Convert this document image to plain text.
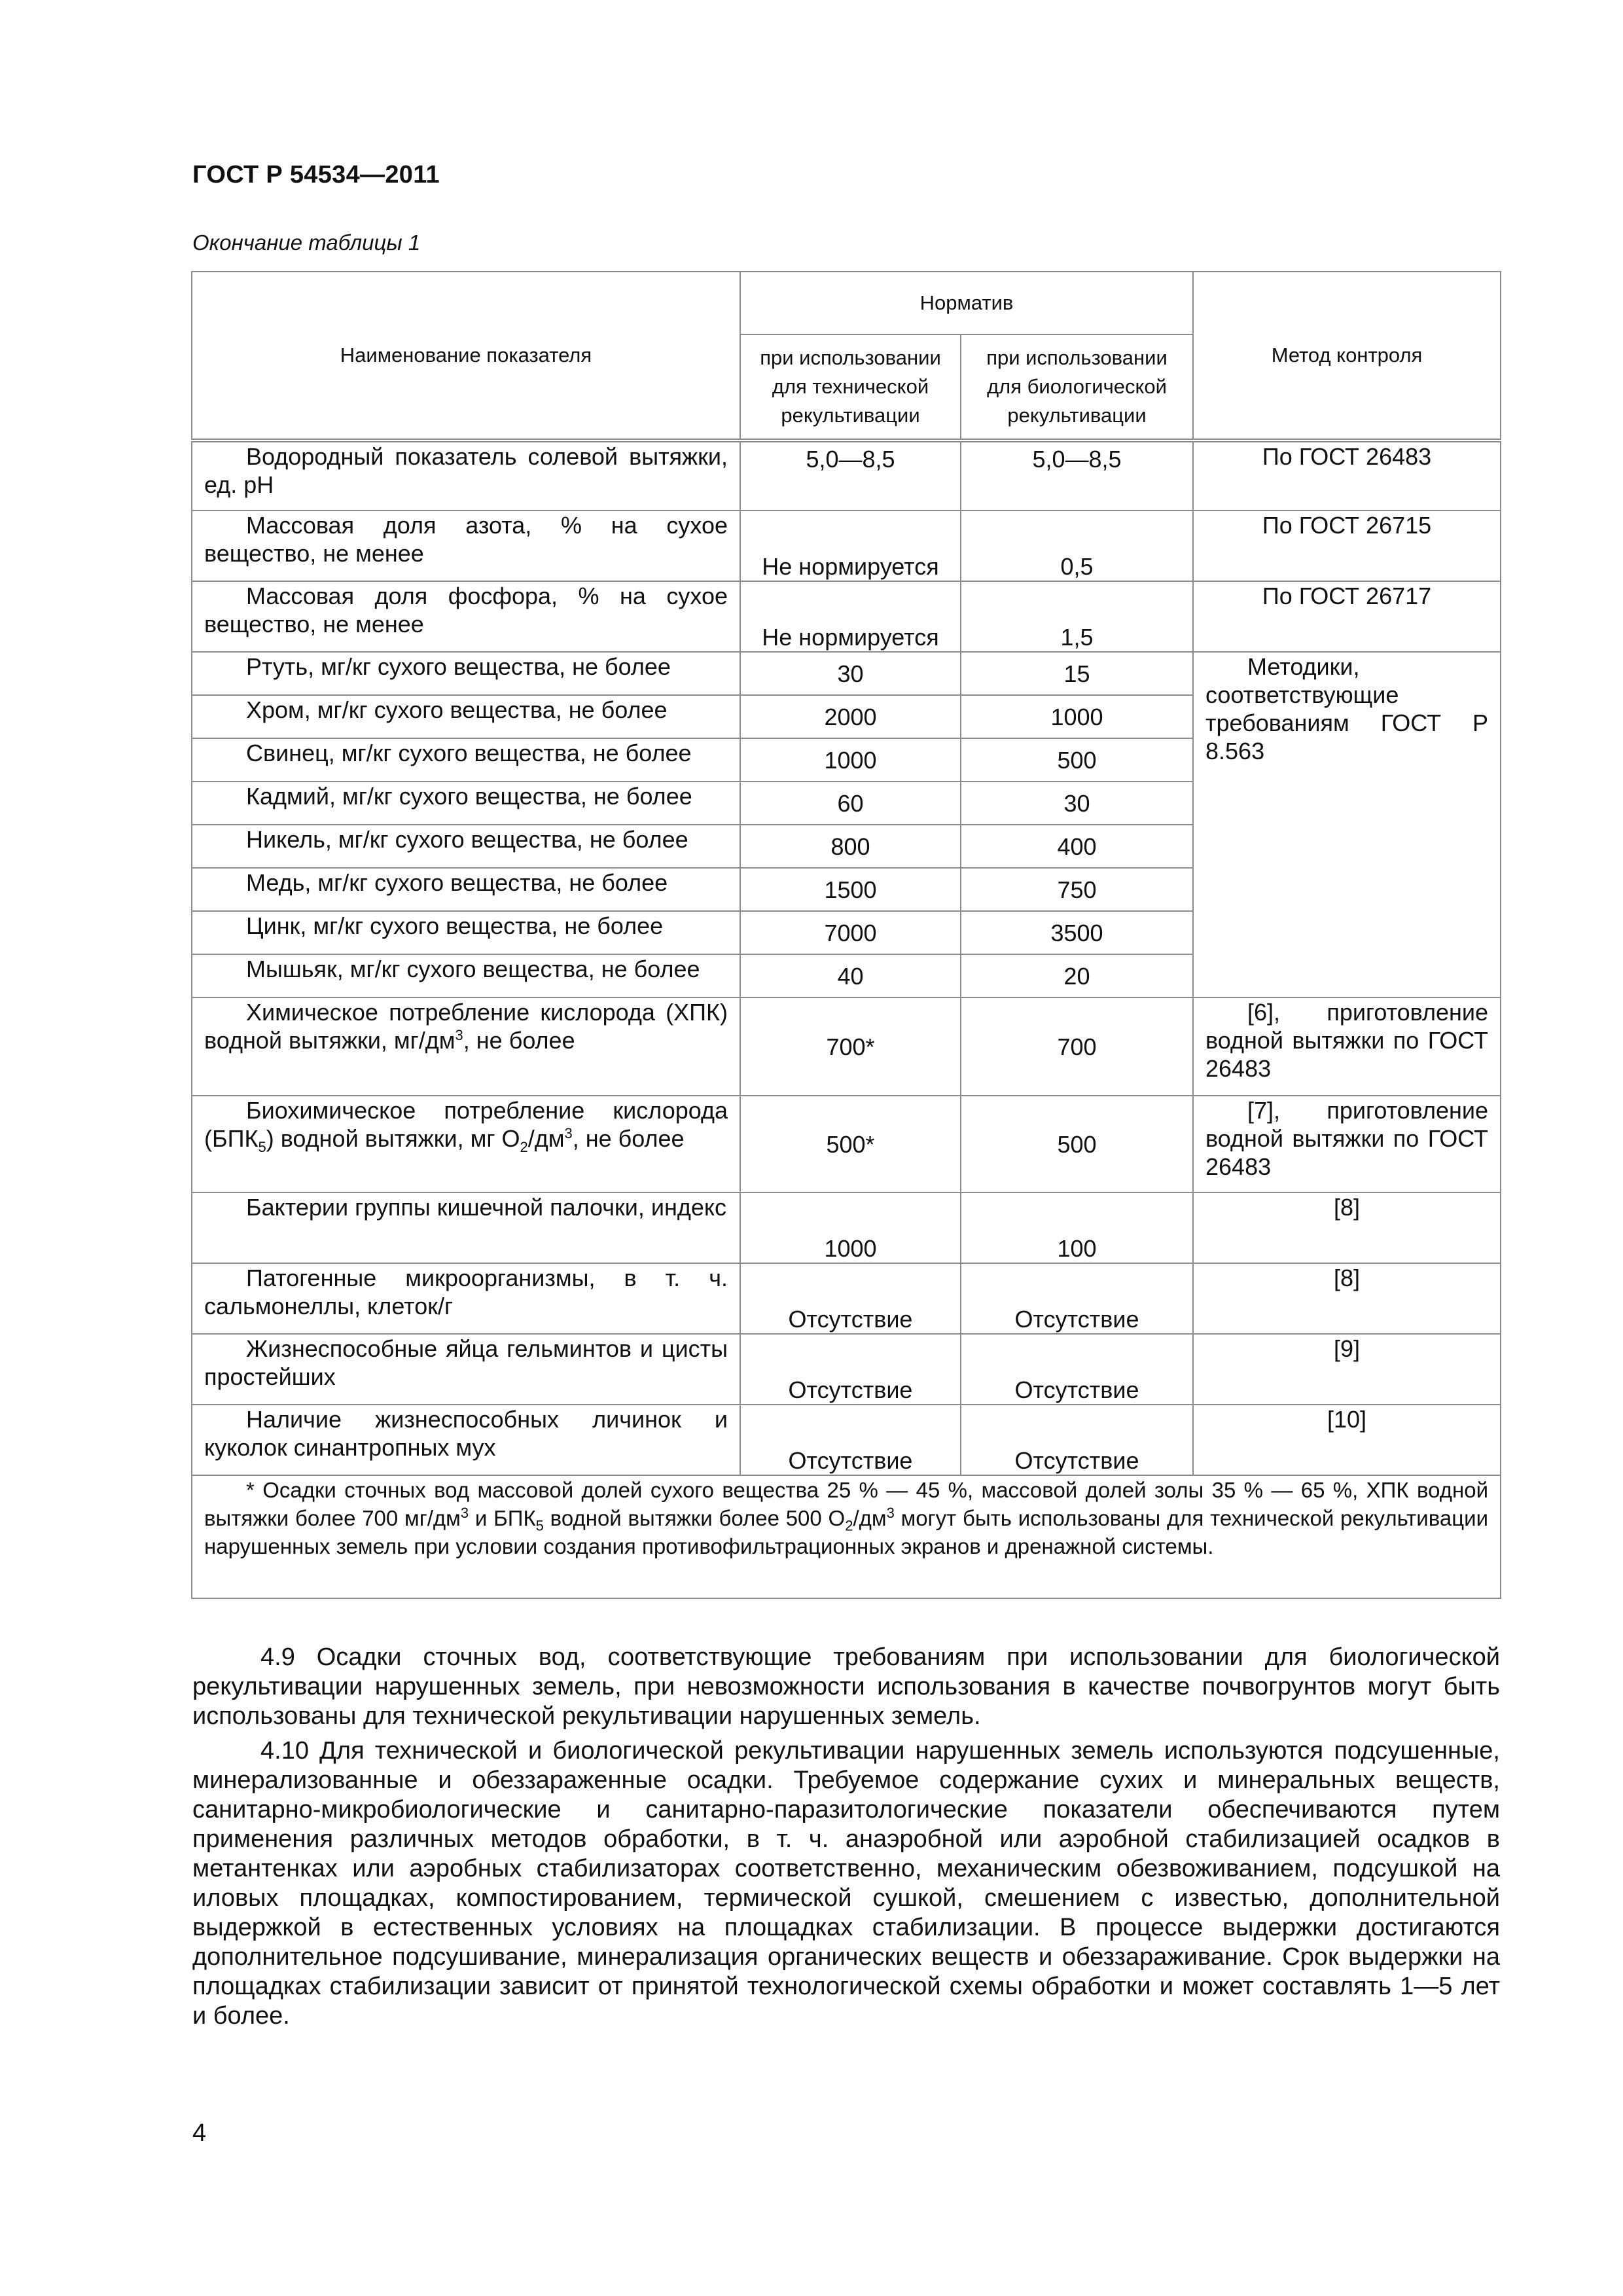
ГОСТ Р 54534—2011
Окончание таблицы 1
Наименование показателя	Норматив		Метод контроля
	при использовании для технической рекультивации	при использовании для биологической рекультивации	
Водородный показатель солевой вытяжки, ед. pH	5,0—8,5	5,0—8,5	По ГОСТ 26483
Массовая доля азота, % на сухое вещество, не менее	Не нормируется	0,5	По ГОСТ 26715
Массовая доля фосфора, % на сухое вещество, не менее	Не нормируется	1,5	По ГОСТ 26717
Ртуть, мг/кг сухого вещества, не более	30	15	Методики, соответствующие требованиям ГОСТ Р 8.563
Хром, мг/кг сухого вещества, не более	2000	1000	
Свинец, мг/кг сухого вещества, не более	1000	500	
Кадмий, мг/кг сухого вещества, не более	60	30	
Никель, мг/кг сухого вещества, не более	800	400	
Медь, мг/кг сухого вещества, не более	1500	750	
Цинк, мг/кг сухого вещества, не более	7000	3500	
Мышьяк, мг/кг сухого вещества, не более	40	20	
Химическое потребление кислорода (ХПК) водной вытяжки, $мг/дм^3$, не более	700*	700	[6], приготовление водной вытяжки по ГОСТ 26483
Биохимическое потребление кислорода $(БПК_5)$ водной вытяжки, мг $O_2/дм^3$, не более	500*	500	[7], приготовление водной вытяжки по ГОСТ 26483
Бактерии группы кишечной палочки, индекс	1000	100	[8]
Патогенные микроорганизмы, в т. ч. сальмонеллы, клеток/г	Отсутствие	Отсутствие	[8]
Жизнеспособные яйца гельминтов и цисты простейших	Отсутствие	Отсутствие	[9]
Наличие жизнеспособных личинок и куколок синантропных мух	Отсутствие	Отсутствие	[10]
* Осадки сточных вод массовой долей сухого вещества 25 % — 45 %, массовой долей золы 35 % — 65 %, ХПК водной вытяжки более 700 $мг/дм^3$ и $БПК_5$ водной вытяжки более 500 $O_2/дм^3$ могут быть использованы для технической рекультивации нарушенных земель при условии создания противофильтрационных экранов и дренажной системы.			

4.9 Осадки сточных вод, соответствующие требованиям при использовании для биологической рекультивации нарушенных земель, при невозможности использования в качестве почвогрунтов могут быть использованы для технической рекультивации нарушенных земель.

4.10 Для технической и биологической рекультивации нарушенных земель используются подсушенные, минерализованные и обеззараженные осадки. Требуемое содержание сухих и минеральных веществ, санитарно-микробиологические и санитарно-паразитологические показатели обеспечиваются путем применения различных методов обработки, в т. ч. анаэробной или аэробной стабилизацией осадков в метантенках или аэробных стабилизаторах соответственно, механическим обезвоживанием, подсушкой на иловых площадках, компостированием, термической сушкой, смешением с известью, дополнительной выдержкой в естественных условиях на площадках стабилизации. В процессе выдержки достигаются дополнительное подсушивание, минерализация органических веществ и обеззараживание. Срок выдержки на площадках стабилизации зависит от принятой технологической схемы обработки и может составлять 1—5 лет и более.

4
